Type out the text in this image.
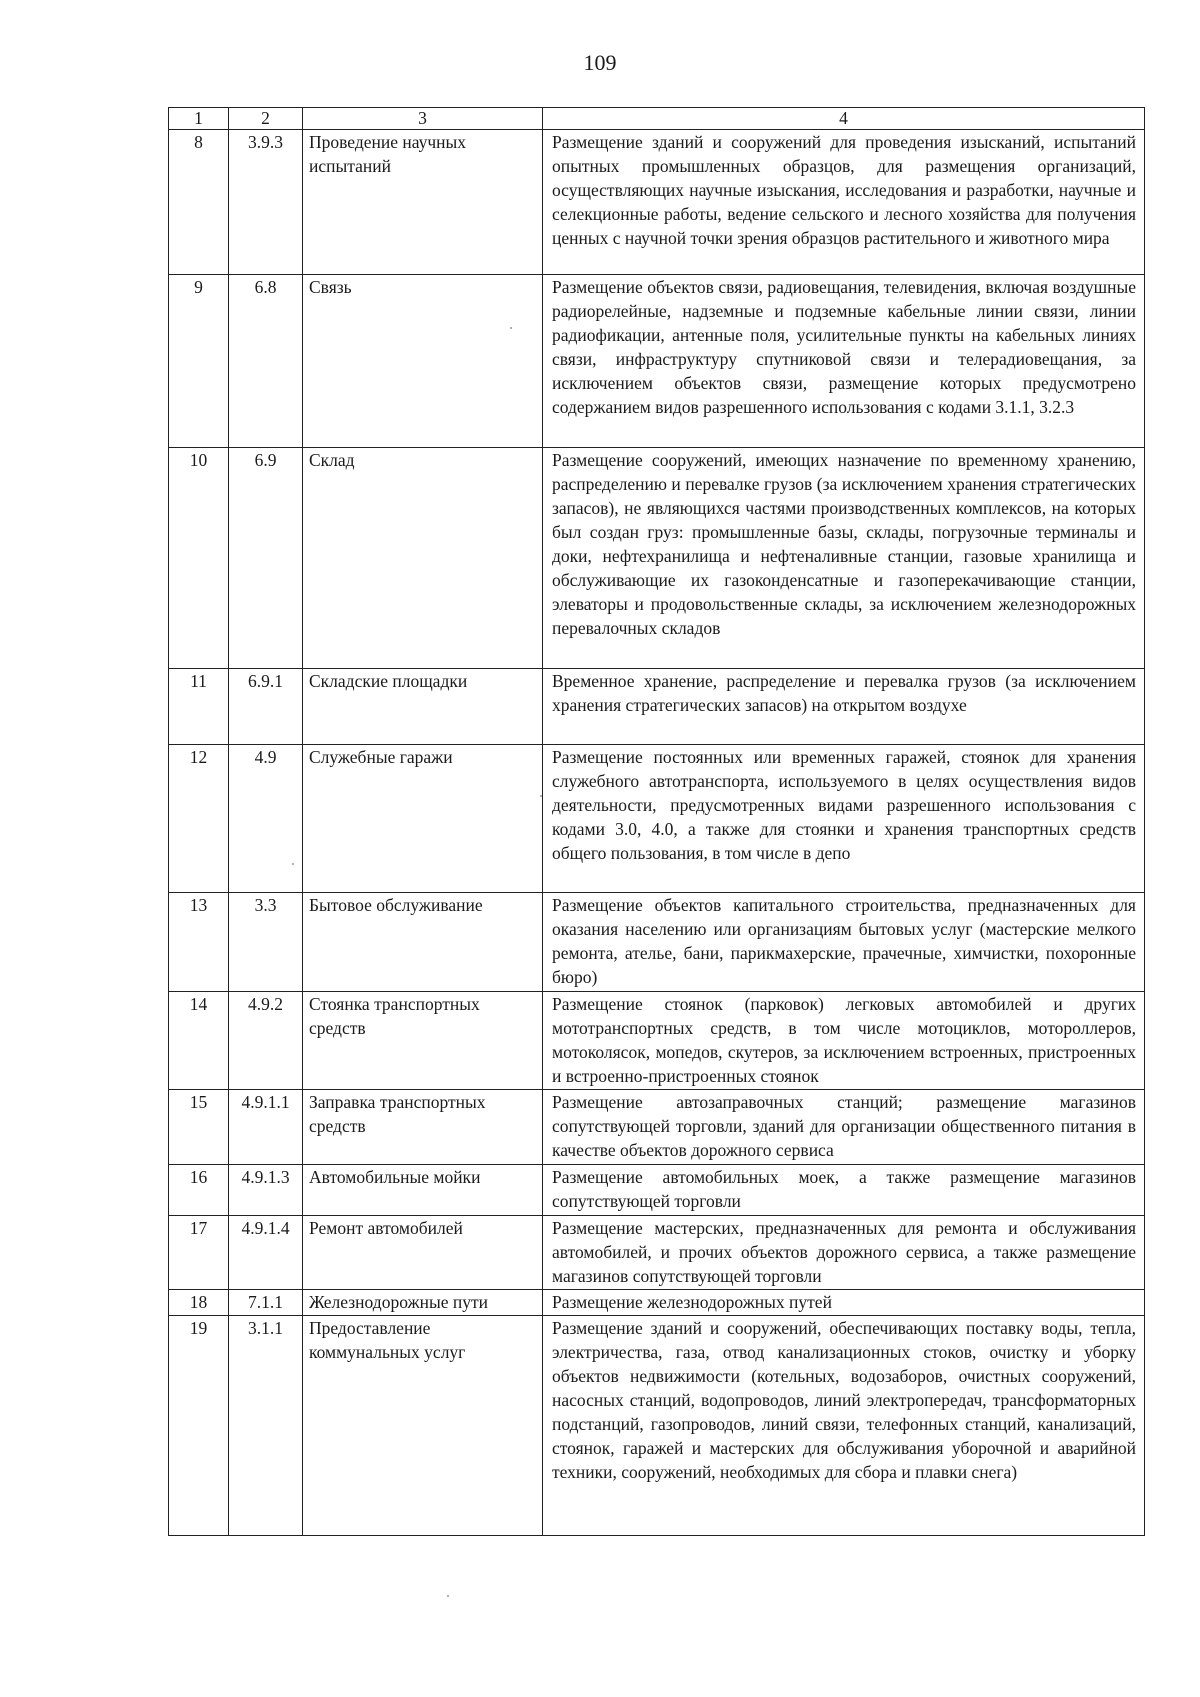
109
1	2	3	4
8	3.9.3	Проведение научных испытаний	Размещение зданий и сооружений для проведения изысканий, испытаний опытных промышленных образцов, для размещения организаций, осуществляющих научные изыскания, исследования и разработки, научные и селекционные работы, ведение сельского и лесного хозяйства для получения ценных с научной точки зрения образцов растительного и животного мира
9	6.8	Связь	Размещение объектов связи, радиовещания, телевидения, включая воздушные радиорелейные, надземные и подземные кабельные линии связи, линии радиофикации, антенные поля, усилительные пункты на кабельных линиях связи, инфраструктуру спутниковой связи и телерадиовещания, за исключением объектов связи, размещение которых предусмотрено содержанием видов разрешенного использования с кодами 3.1.1, 3.2.3
10	6.9	Склад	Размещение сооружений, имеющих назначение по временному хранению, распределению и перевалке грузов (за исключением хранения стратегических запасов), не являющихся частями производственных комплексов, на которых был создан груз: промышленные базы, склады, погрузочные терминалы и доки, нефтехранилища и нефтеналивные станции, газовые хранилища и обслуживающие их газоконденсатные и газоперекачивающие станции, элеваторы и продовольственные склады, за исключением железнодорожных перевалочных складов
11	6.9.1	Складские площадки	Временное хранение, распределение и перевалка грузов (за исключением хранения стратегических запасов) на открытом воздухе
12	4.9	Служебные гаражи	Размещение постоянных или временных гаражей, стоянок для хранения служебного автотранспорта, используемого в целях осуществления видов деятельности, предусмотренных видами разрешенного использования с кодами 3.0, 4.0, а также для стоянки и хранения транспортных средств общего пользования, в том числе в депо
13	3.3	Бытовое обслуживание	Размещение объектов капитального строительства, предназначенных для оказания населению или организациям бытовых услуг (мастерские мелкого ремонта, ателье, бани, парикмахерские, прачечные, химчистки, похоронные бюро)
14	4.9.2	Стоянка транспортных средств	Размещение стоянок (парковок) легковых автомобилей и других мототранспортных средств, в том числе мотоциклов, мотороллеров, мотоколясок, мопедов, скутеров, за исключением встроенных, пристроенных и встроенно-пристроенных стоянок
15	4.9.1.1	Заправка транспортных средств	Размещение автозаправочных станций; размещение магазинов сопутствующей торговли, зданий для организации общественного питания в качестве объектов дорожного сервиса
16	4.9.1.3	Автомобильные мойки	Размещение автомобильных моек, а также размещение магазинов сопутствующей торговли
17	4.9.1.4	Ремонт автомобилей	Размещение мастерских, предназначенных для ремонта и обслуживания автомобилей, и прочих объектов дорожного сервиса, а также размещение магазинов сопутствующей торговли
18	7.1.1	Железнодорожные пути	Размещение железнодорожных путей
19	3.1.1	Предоставление коммунальных услуг	Размещение зданий и сооружений, обеспечивающих поставку воды, тепла, электричества, газа, отвод канализационных стоков, очистку и уборку объектов недвижимости (котельных, водозаборов, очистных сооружений, насосных станций, водопроводов, линий электропередач, трансформаторных подстанций, газопроводов, линий связи, телефонных станций, канализаций, стоянок, гаражей и мастерских для обслуживания уборочной и аварийной техники, сооружений, необходимых для сбора и плавки снега)
